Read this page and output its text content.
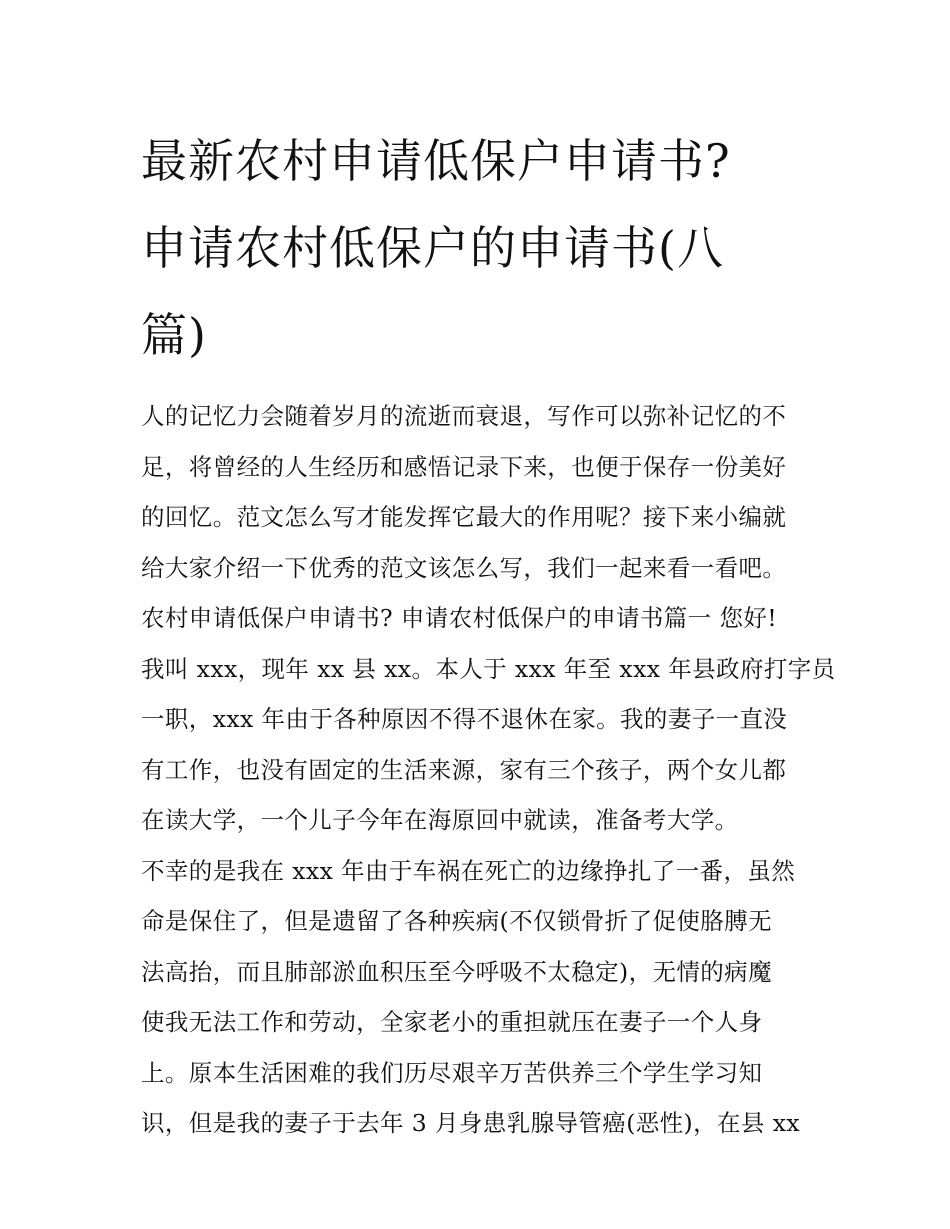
最新农村申请低保户申请书?
申请农村低保户的申请书(八
篇)
人的记忆力会随着岁月的流逝而衰退，写作可以弥补记忆的不
足，将曾经的人生经历和感悟记录下来，也便于保存一份美好
的回忆。范文怎么写才能发挥它最大的作用呢？接下来小编就
给大家介绍一下优秀的范文该怎么写，我们一起来看一看吧。
农村申请低保户申请书? 申请农村低保户的申请书篇一 您好!
我叫 xxx，现年 xx 县 xx。本人于 xxx 年至 xxx 年县政府打字员
一职，xxx 年由于各种原因不得不退休在家。我的妻子一直没
有工作，也没有固定的生活来源，家有三个孩子，两个女儿都
在读大学，一个儿子今年在海原回中就读，准备考大学。
不幸的是我在 xxx 年由于车祸在死亡的边缘挣扎了一番，虽然
命是保住了，但是遗留了各种疾病(不仅锁骨折了促使胳膊无
法高抬，而且肺部淤血积压至今呼吸不太稳定)，无情的病魔
使我无法工作和劳动，全家老小的重担就压在妻子一个人身
上。原本生活困难的我们历尽艰辛万苦供养三个学生学习知
识，但是我的妻子于去年 3 月身患乳腺导管癌(恶性)，在县 xx
